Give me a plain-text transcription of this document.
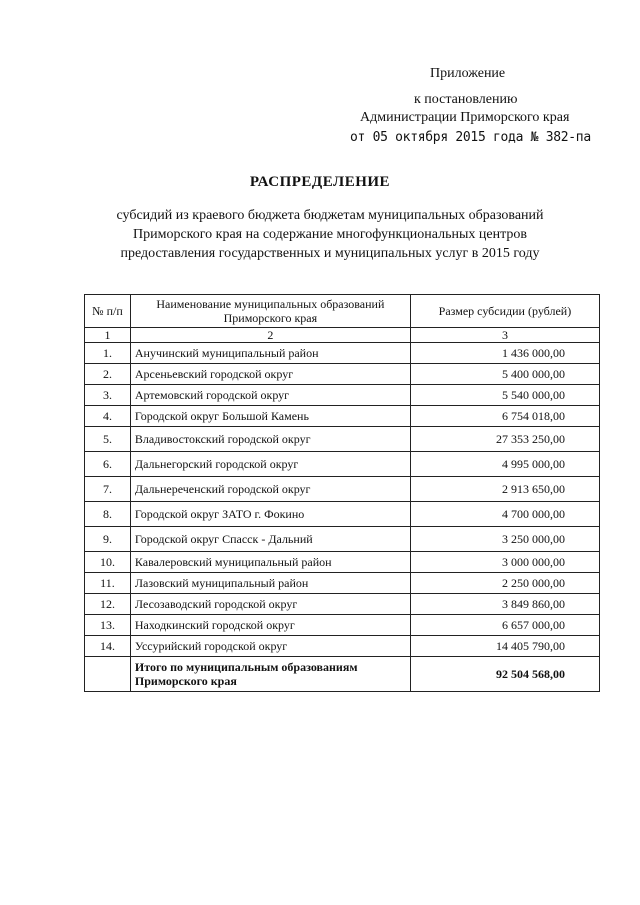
Приложение
к постановлению
Администрации Приморского края
от 05 октября 2015 года № 382-па
РАСПРЕДЕЛЕНИЕ
субсидий из краевого бюджета бюджетам муниципальных образований
Приморского края на содержание многофункциональных центров
предоставления государственных и муниципальных услуг в 2015 году
№ п/п	Наименование муниципальных образований Приморского края	Размер субсидии (рублей)
1	2	3
1.	Анучинский муниципальный район	1 436 000,00
2.	Арсеньевский городской округ	5 400 000,00
3.	Артемовский городской округ	5 540 000,00
4.	Городской округ Большой Камень	6 754 018,00
5.	Владивостокский городской округ	27 353 250,00
6.	Дальнегорский городской округ	4 995 000,00
7.	Дальнереченский городской округ	2 913 650,00
8.	Городской округ ЗАТО г. Фокино	4 700 000,00
9.	Городской округ Спасск - Дальний	3 250 000,00
10.	Кавалеровский муниципальный район	3 000 000,00
11.	Лазовский муниципальный район	2 250 000,00
12.	Лесозаводский городской округ	3 849 860,00
13.	Находкинский городской округ	6 657 000,00
14.	Уссурийский городской округ	14 405 790,00
	Итого по муниципальным образованиям Приморского края	92 504 568,00
